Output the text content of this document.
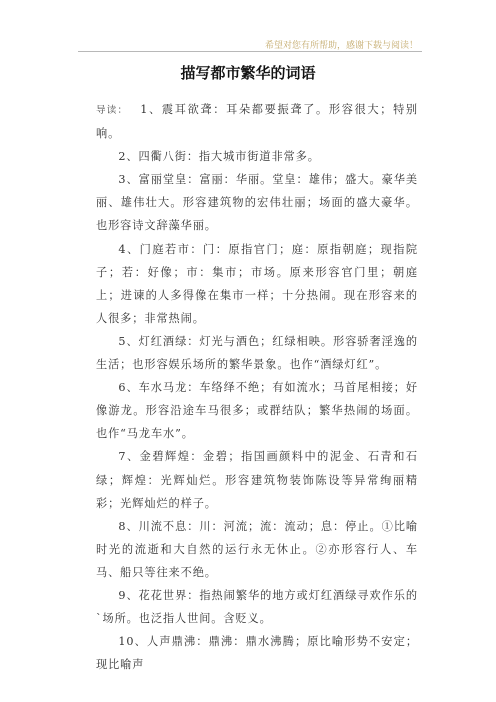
希望对您有所帮助，感谢下载与阅读！
描写都市繁华的词语

导读： 1、震耳欲聋：耳朵都要振聋了。形容很大；特别响。

2、四衢八街：指大城市街道非常多。

3、富丽堂皇：富丽：华丽。堂皇：雄伟；盛大。豪华美丽、雄伟壮大。形容建筑物的宏伟壮丽；场面的盛大豪华。也形容诗文辞藻华丽。

4、门庭若市：门：原指官门；庭：原指朝庭；现指院子；若：好像；市：集市；市场。原来形容官门里；朝庭上；进谏的人多得像在集市一样；十分热闹。现在形容来的人很多；非常热闹。

5、灯红酒绿：灯光与酒色；红绿相映。形容骄奢淫逸的生活；也形容娱乐场所的繁华景象。也作“酒绿灯红”。

6、车水马龙：车络绎不绝；有如流水；马首尾相接；好像游龙。形容沿途车马很多；或群结队；繁华热闹的场面。也作“马龙车水”。

7、金碧辉煌：金碧；指国画颜料中的泥金、石青和石绿；辉煌：光辉灿烂。形容建筑物装饰陈设等异常绚丽精彩；光辉灿烂的样子。

8、川流不息：川：河流；流：流动；息：停止。①比喻时光的流逝和大自然的运行永无休止。②亦形容行人、车马、船只等往来不绝。

9、花花世界：指热闹繁华的地方或灯红酒绿寻欢作乐的`场所。也泛指人世间。含贬义。

10、人声鼎沸：鼎沸：鼎水沸腾；原比喻形势不安定；现比喻声
